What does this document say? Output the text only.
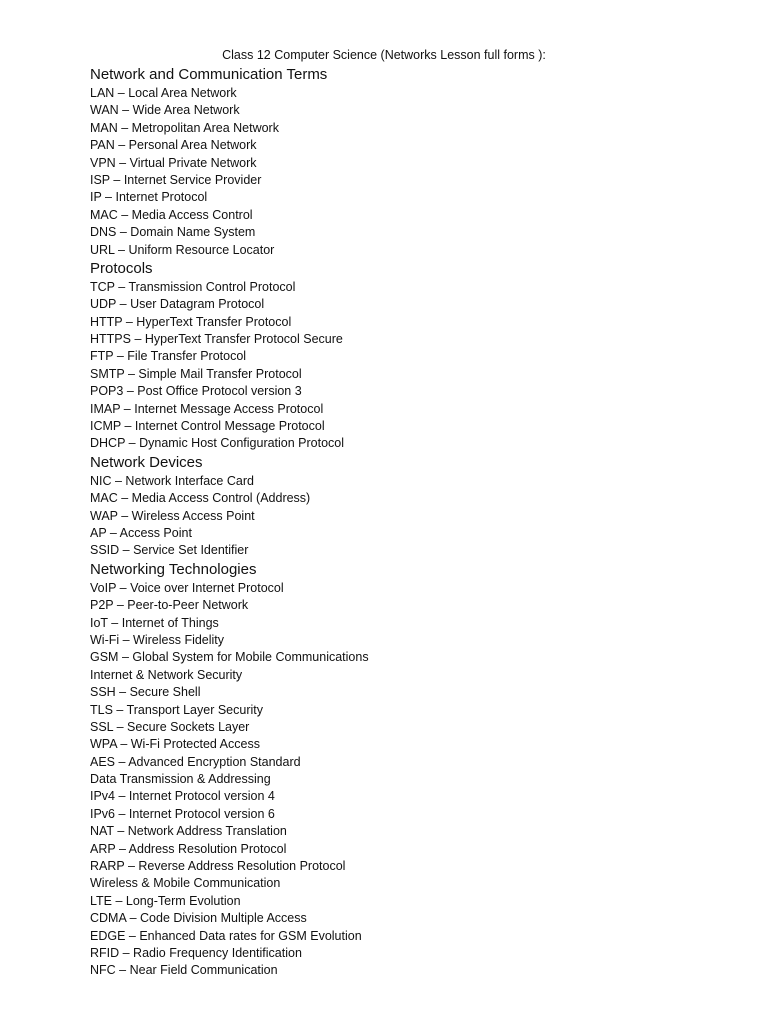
Class 12 Computer Science (Networks Lesson full forms ):
Network and Communication Terms
LAN – Local Area Network
WAN – Wide Area Network
MAN – Metropolitan Area Network
PAN – Personal Area Network
VPN – Virtual Private Network
ISP – Internet Service Provider
IP – Internet Protocol
MAC – Media Access Control
DNS – Domain Name System
URL – Uniform Resource Locator
Protocols
TCP – Transmission Control Protocol
UDP – User Datagram Protocol
HTTP – HyperText Transfer Protocol
HTTPS – HyperText Transfer Protocol Secure
FTP – File Transfer Protocol
SMTP – Simple Mail Transfer Protocol
POP3 – Post Office Protocol version 3
IMAP – Internet Message Access Protocol
ICMP – Internet Control Message Protocol
DHCP – Dynamic Host Configuration Protocol
Network Devices
NIC – Network Interface Card
MAC – Media Access Control (Address)
WAP – Wireless Access Point
AP – Access Point
SSID – Service Set Identifier
Networking Technologies
VoIP – Voice over Internet Protocol
P2P – Peer-to-Peer Network
IoT – Internet of Things
Wi-Fi – Wireless Fidelity
GSM – Global System for Mobile Communications
Internet & Network Security
SSH – Secure Shell
TLS – Transport Layer Security
SSL – Secure Sockets Layer
WPA – Wi-Fi Protected Access
AES – Advanced Encryption Standard
Data Transmission & Addressing
IPv4 – Internet Protocol version 4
IPv6 – Internet Protocol version 6
NAT – Network Address Translation
ARP – Address Resolution Protocol
RARP – Reverse Address Resolution Protocol
Wireless & Mobile Communication
LTE – Long-Term Evolution
CDMA – Code Division Multiple Access
EDGE – Enhanced Data rates for GSM Evolution
RFID – Radio Frequency Identification
NFC – Near Field Communication
